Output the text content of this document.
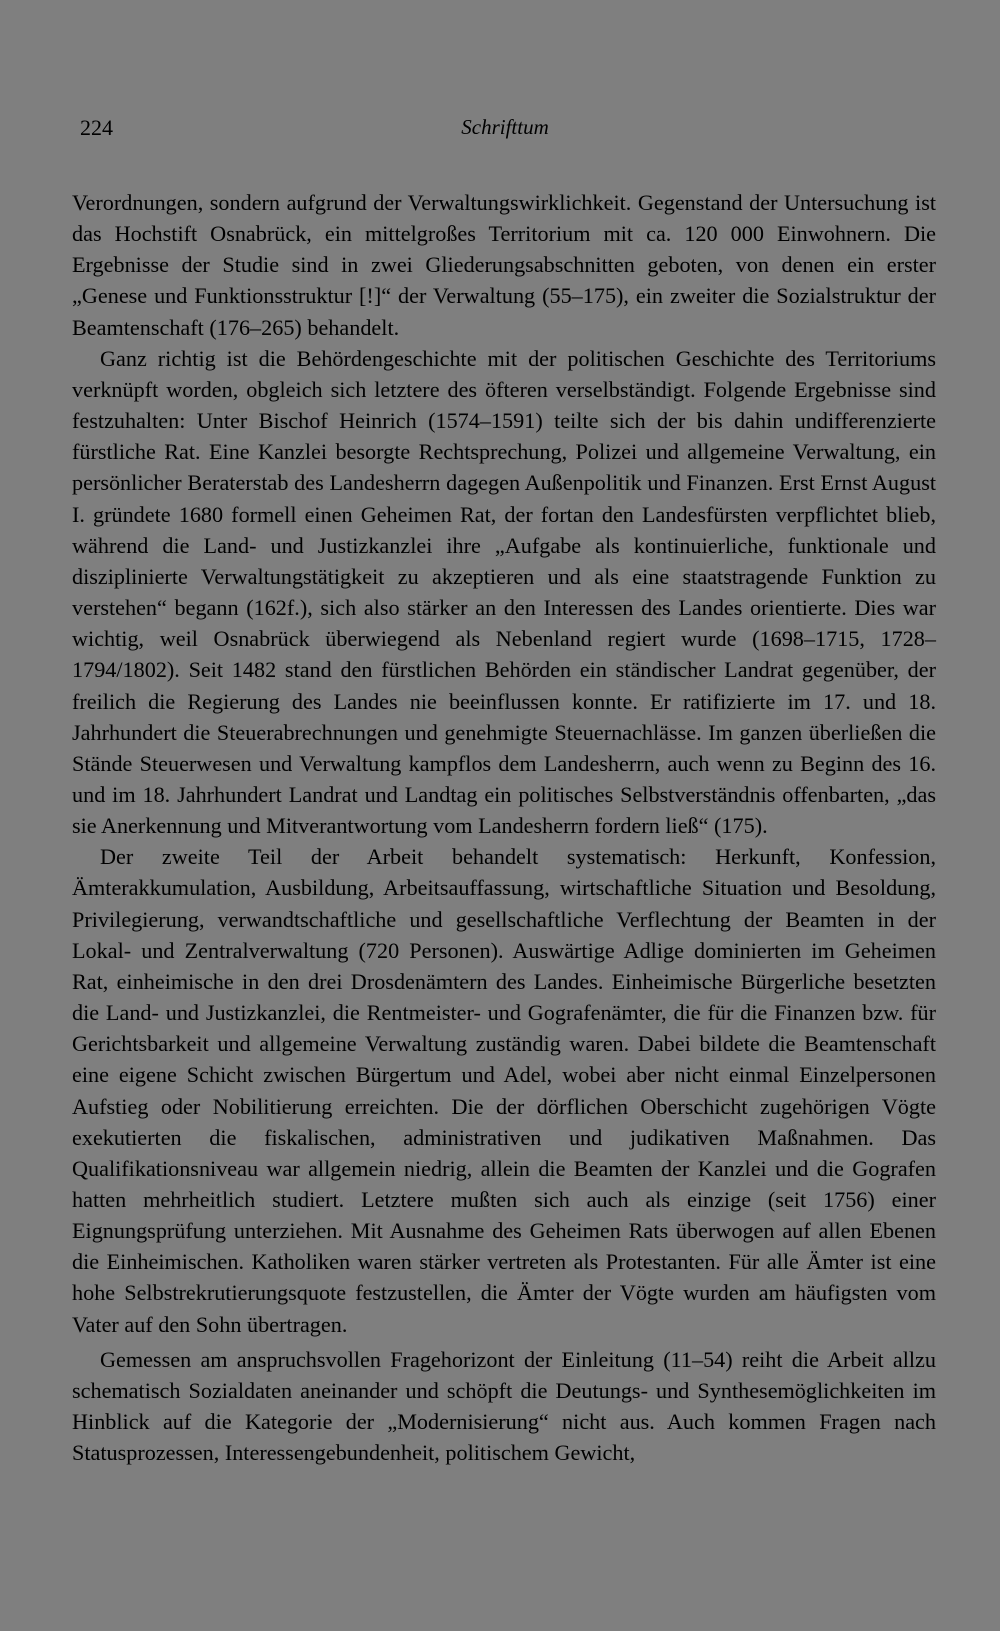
224	Schrifttum

Verordnungen, sondern aufgrund der Verwaltungswirklichkeit. Gegenstand der Untersuchung ist das Hochstift Osnabrück, ein mittelgroßes Territorium mit ca. 120 000 Einwohnern. Die Ergebnisse der Studie sind in zwei Gliederungsabschnitten geboten, von denen ein erster „Genese und Funktionsstruktur [!]“ der Verwaltung (55–175), ein zweiter die Sozialstruktur der Beamtenschaft (176–265) behandelt.

Ganz richtig ist die Behördengeschichte mit der politischen Geschichte des Territoriums verknüpft worden, obgleich sich letztere des öfteren verselbständigt. Folgende Ergebnisse sind festzuhalten: Unter Bischof Heinrich (1574–1591) teilte sich der bis dahin undifferenzierte fürstliche Rat. Eine Kanzlei besorgte Rechtsprechung, Polizei und allgemeine Verwaltung, ein persönlicher Beraterstab des Landesherrn dagegen Außenpolitik und Finanzen. Erst Ernst August I. gründete 1680 formell einen Geheimen Rat, der fortan den Landesfürsten verpflichtet blieb, während die Land- und Justizkanzlei ihre „Aufgabe als kontinuierliche, funktionale und disziplinierte Verwaltungstätigkeit zu akzeptieren und als eine staatstragende Funktion zu verstehen“ begann (162f.), sich also stärker an den Interessen des Landes orientierte. Dies war wichtig, weil Osnabrück überwiegend als Nebenland regiert wurde (1698–1715, 1728–1794/1802). Seit 1482 stand den fürstlichen Behörden ein ständischer Landrat gegenüber, der freilich die Regierung des Landes nie beeinflussen konnte. Er ratifizierte im 17. und 18. Jahrhundert die Steuerabrechnungen und genehmigte Steuernachlässe. Im ganzen überließen die Stände Steuerwesen und Verwaltung kampflos dem Landesherrn, auch wenn zu Beginn des 16. und im 18. Jahrhundert Landrat und Landtag ein politisches Selbstverständnis offenbarten, „das sie Anerkennung und Mitverantwortung vom Landesherrn fordern ließ“ (175).

Der zweite Teil der Arbeit behandelt systematisch: Herkunft, Konfession, Ämterakkumulation, Ausbildung, Arbeitsauffassung, wirtschaftliche Situation und Besoldung, Privilegierung, verwandtschaftliche und gesellschaftliche Verflechtung der Beamten in der Lokal- und Zentralverwaltung (720 Personen). Auswärtige Adlige dominierten im Geheimen Rat, einheimische in den drei Drosdenämtern des Landes. Einheimische Bürgerliche besetzten die Land- und Justizkanzlei, die Rentmeister- und Gografenämter, die für die Finanzen bzw. für Gerichtsbarkeit und allgemeine Verwaltung zuständig waren. Dabei bildete die Beamtenschaft eine eigene Schicht zwischen Bürgertum und Adel, wobei aber nicht einmal Einzelpersonen Aufstieg oder Nobilitierung erreichten. Die der dörflichen Oberschicht zugehörigen Vögte exekutierten die fiskalischen, administrativen und judikativen Maßnahmen. Das Qualifikationsniveau war allgemein niedrig, allein die Beamten der Kanzlei und die Gografen hatten mehrheitlich studiert. Letztere mußten sich auch als einzige (seit 1756) einer Eignungsprüfung unterziehen. Mit Ausnahme des Geheimen Rats überwogen auf allen Ebenen die Einheimischen. Katholiken waren stärker vertreten als Protestanten. Für alle Ämter ist eine hohe Selbstrekrutierungsquote festzustellen, die Ämter der Vögte wurden am häufigsten vom Vater auf den Sohn übertragen.

Gemessen am anspruchsvollen Fragehorizont der Einleitung (11–54) reiht die Arbeit allzu schematisch Sozialdaten aneinander und schöpft die Deutungs- und Synthesemöglichkeiten im Hinblick auf die Kategorie der „Modernisierung“ nicht aus. Auch kommen Fragen nach Statusprozessen, Interessengebundenheit, politischem Gewicht,
